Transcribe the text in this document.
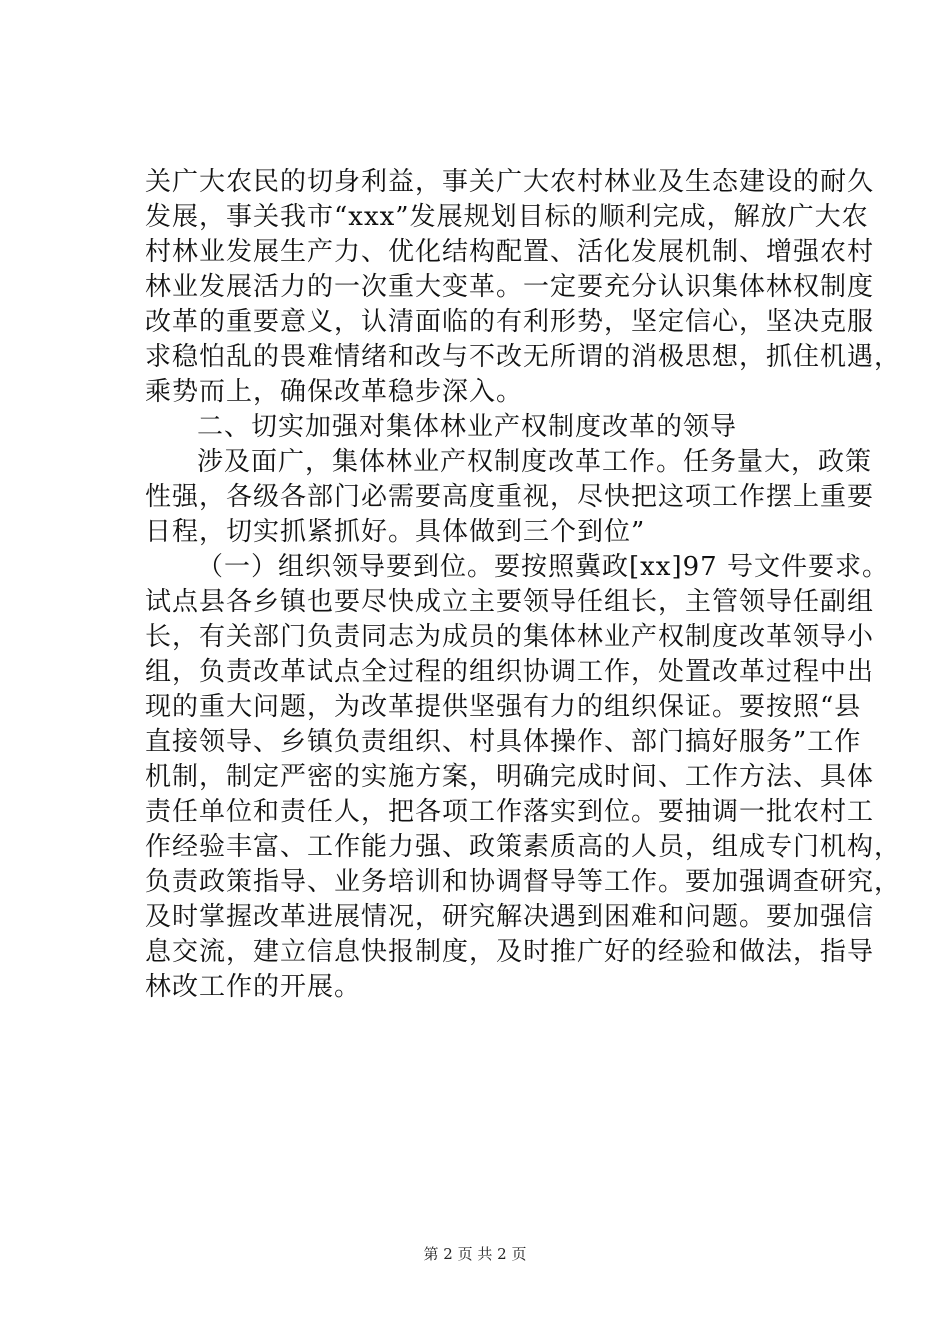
关广大农民的切身利益，事关广大农村林业及生态建设的耐久
发展，事关我市“xxx”发展规划目标的顺利完成，解放广大农
村林业发展生产力、优化结构配置、活化发展机制、增强农村
林业发展活力的一次重大变革。一定要充分认识集体林权制度
改革的重要意义，认清面临的有利形势，坚定信心，坚决克服
求稳怕乱的畏难情绪和改与不改无所谓的消极思想，抓住机遇，
乘势而上，确保改革稳步深入。
二、切实加强对集体林业产权制度改革的领导
涉及面广，集体林业产权制度改革工作。任务量大，政策
性强，各级各部门必需要高度重视，尽快把这项工作摆上重要
日程，切实抓紧抓好。具体做到三个到位”
（一）组织领导要到位。要按照冀政[xx]97 号文件要求。
试点县各乡镇也要尽快成立主要领导任组长，主管领导任副组
长，有关部门负责同志为成员的集体林业产权制度改革领导小
组，负责改革试点全过程的组织协调工作，处置改革过程中出
现的重大问题，为改革提供坚强有力的组织保证。要按照“县
直接领导、乡镇负责组织、村具体操作、部门搞好服务”工作
机制，制定严密的实施方案，明确完成时间、工作方法、具体
责任单位和责任人，把各项工作落实到位。要抽调一批农村工
作经验丰富、工作能力强、政策素质高的人员，组成专门机构，
负责政策指导、业务培训和协调督导等工作。要加强调查研究，
及时掌握改革进展情况，研究解决遇到困难和问题。要加强信
息交流，建立信息快报制度，及时推广好的经验和做法，指导
林改工作的开展。
第 2 页 共 2 页
